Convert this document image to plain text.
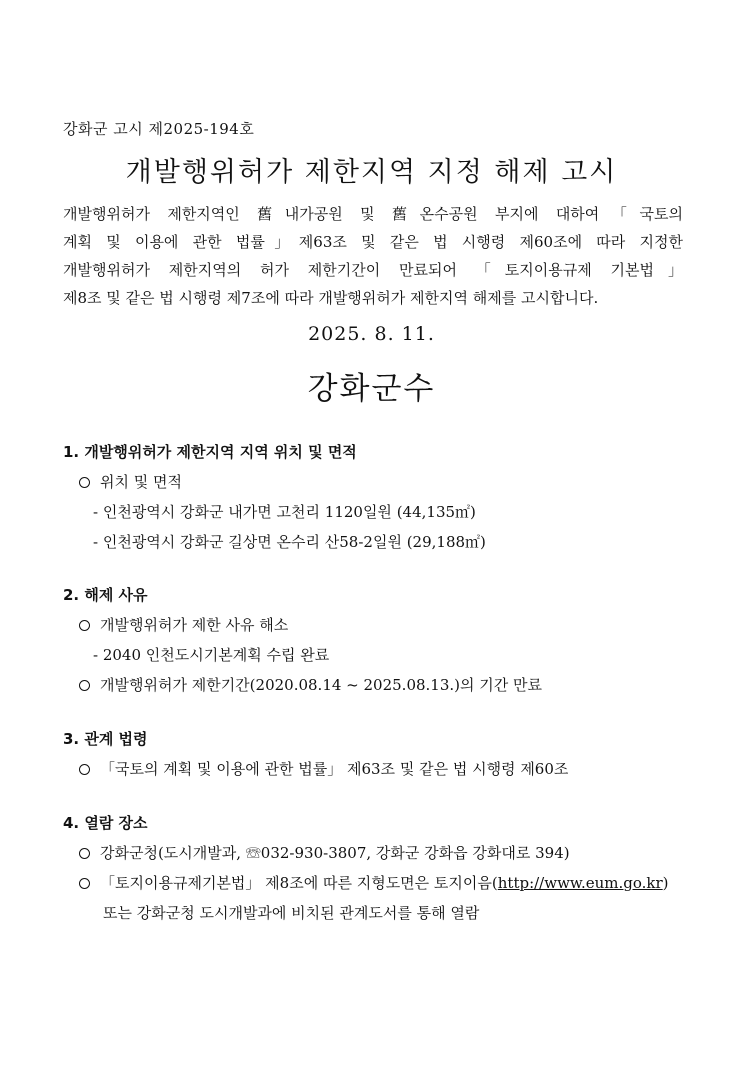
강화군 고시 제2025-194호
개발행위허가 제한지역 지정 해제 고시
개발행위허가 제한지역인 舊내가공원 및 舊온수공원 부지에 대하여「국토의
계획 및 이용에 관한 법률」제63조 및 같은 법 시행령 제60조에 따라 지정한
개발행위허가 제한지역의 허가 제한기간이 만료되어 「토지이용규제 기본법」
제8조 및 같은 법 시행령 제7조에 따라 개발행위허가 제한지역 해제를 고시합니다.
2025. 8. 11.
강화군수
1. 개발행위허가 제한지역 지역 위치 및 면적
위치 및 면적
- 인천광역시 강화군 내가면 고천리 1120일원 (44,135㎡)
- 인천광역시 강화군 길상면 온수리 산58-2일원 (29,188㎡)
2. 해제 사유
개발행위허가 제한 사유 해소
- 2040 인천도시기본계획 수립 완료
개발행위허가 제한기간(2020.08.14 ~ 2025.08.13.)의 기간 만료
3. 관계 법령
「국토의 계획 및 이용에 관한 법률」 제63조 및 같은 법 시행령 제60조
4. 열람 장소
강화군청(도시개발과, ☏032-930-3807, 강화군 강화읍 강화대로 394)
「토지이용규제기본법」 제8조에 따른 지형도면은 토지이음(http://www.eum.go.kr)
또는 강화군청 도시개발과에 비치된 관계도서를 통해 열람
